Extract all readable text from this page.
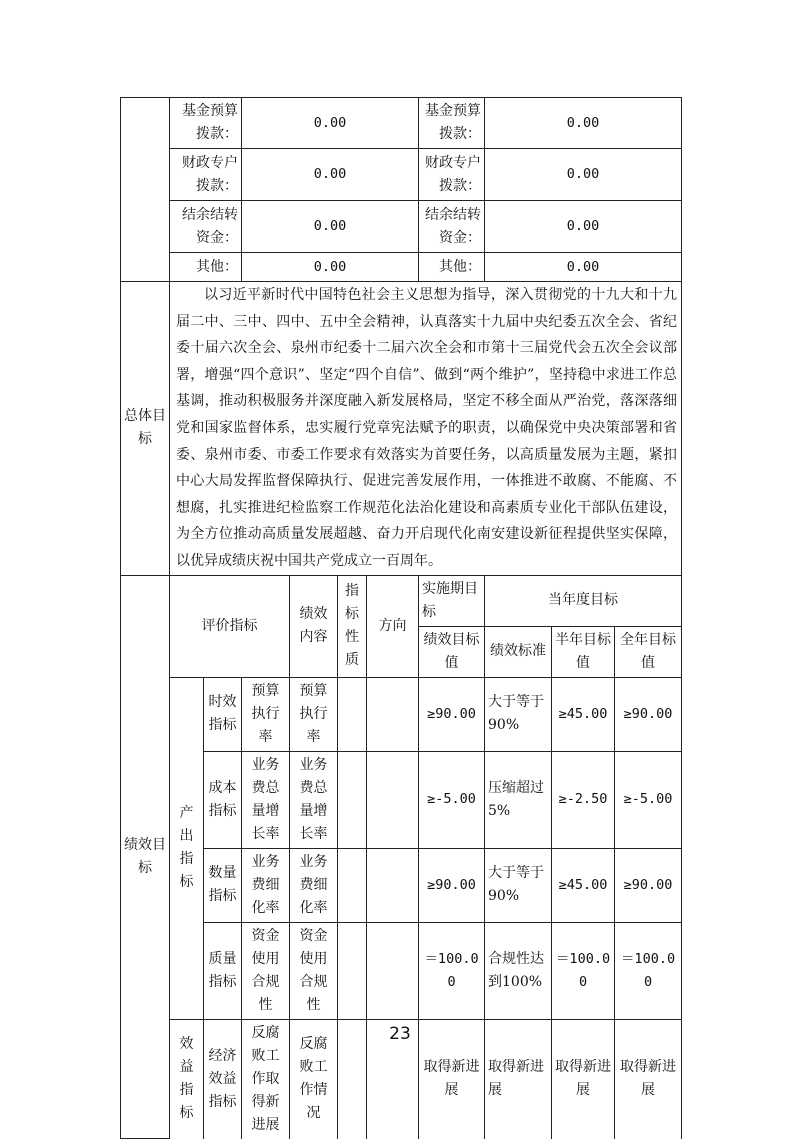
	基金预算拨款：		0.00				基金预算拨款：	0.00		
	财政专户拨款：		0.00				财政专户拨款：	0.00		
	结余结转资金：		0.00				结余结转资金：	0.00		
	其他：		0.00				其他：	0.00		
总体目标	以习近平新时代中国特色社会主义思想为指导，深入贯彻党的十九大和十九届二中、三中、四中、五中全会精神，认真落实十九届中央纪委五次全会、省纪委十届六次全会、泉州市纪委十二届六次全会和市第十三届党代会五次全会议部署，增强“四个意识”、坚定“四个自信”、做到“两个维护”，坚持稳中求进工作总基调，推动积极服务并深度融入新发展格局，坚定不移全面从严治党，落深落细党和国家监督体系，忠实履行党章宪法赋予的职责，以确保党中央决策部署和省委、泉州市委、市委工作要求有效落实为首要任务，以高质量发展为主题，紧扣中心大局发挥监督保障执行、促进完善发展作用，一体推进不敢腐、不能腐、不想腐，扎实推进纪检监察工作规范化法治化建设和高素质专业化干部队伍建设，为全方位推动高质量发展超越、奋力开启现代化南安建设新征程提供坚实保障，以优异成绩庆祝中国共产党成立一百周年。									
绩效目标	评价指标			绩效内容	指标性质	方向	实施期目标	当年度目标		
							绩效目标值	绩效标准	半年目标值	全年目标值
	产出指标	时效指标	预算执行率	预算执行率			≥90.00	大于等于90%	≥45.00	≥90.00
		成本指标	业务费总量增长率	业务费总量增长率			≥-5.00	压缩超过5%	≥-2.50	≥-5.00
		数量指标	业务费细化率	业务费细化率			≥90.00	大于等于90%	≥45.00	≥90.00
		质量指标	资金使用合规性	资金使用合规性			＝100.00	合规性达到100%	＝100.00	＝100.00
	效益指标	经济效益指标	反腐败工作取得新进展	反腐败工作情况			取得新进展	取得新进展	取得新进展	取得新进展
23
